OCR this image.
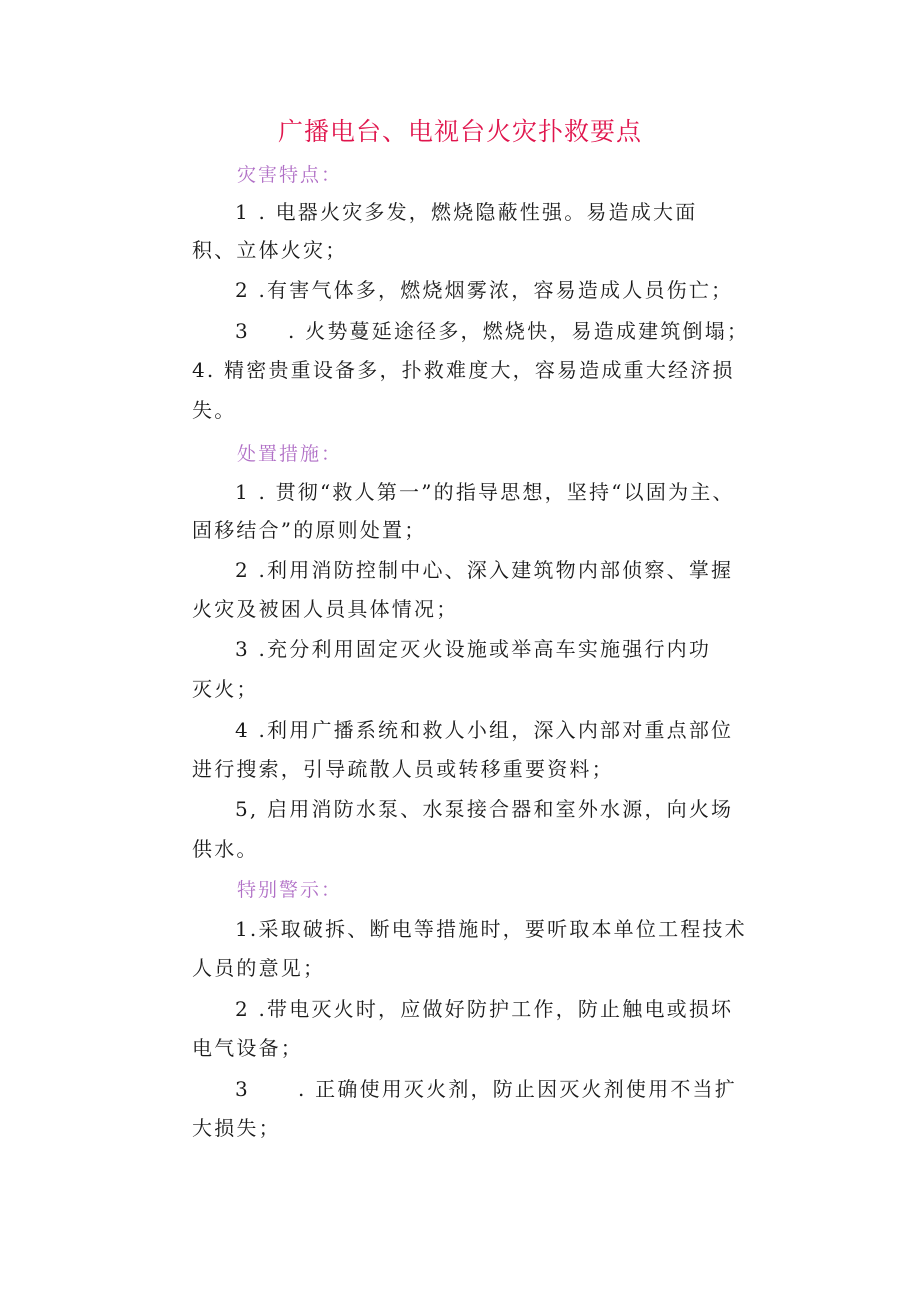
广播电台、电视台火灾扑救要点
灾害特点：
1 . 电器火灾多发，燃烧隐蔽性强。易造成大面
积、立体火灾；
2 .有害气体多，燃烧烟雾浓，容易造成人员伤亡；
3	. 火势蔓延途径多，燃烧快，易造成建筑倒塌；
4. 精密贵重设备多，扑救难度大，容易造成重大经济损
失。
处置措施：
1 . 贯彻“救人第一”的指导思想，坚持“以固为主、
固移结合”的原则处置；
2 .利用消防控制中心、深入建筑物内部侦察、掌握
火灾及被困人员具体情况；
3 .充分利用固定灭火设施或举高车实施强行内功
灭火；
4 .利用广播系统和救人小组，深入内部对重点部位
进行搜索，引导疏散人员或转移重要资料；
5, 启用消防水泵、水泵接合器和室外水源，向火场
供水。
特别警示：
1.采取破拆、断电等措施时，要听取本单位工程技术
人员的意见；
2 .带电灭火时，应做好防护工作，防止触电或损坏
电气设备；
3	. 正确使用灭火剂，防止因灭火剂使用不当扩
大损失；
